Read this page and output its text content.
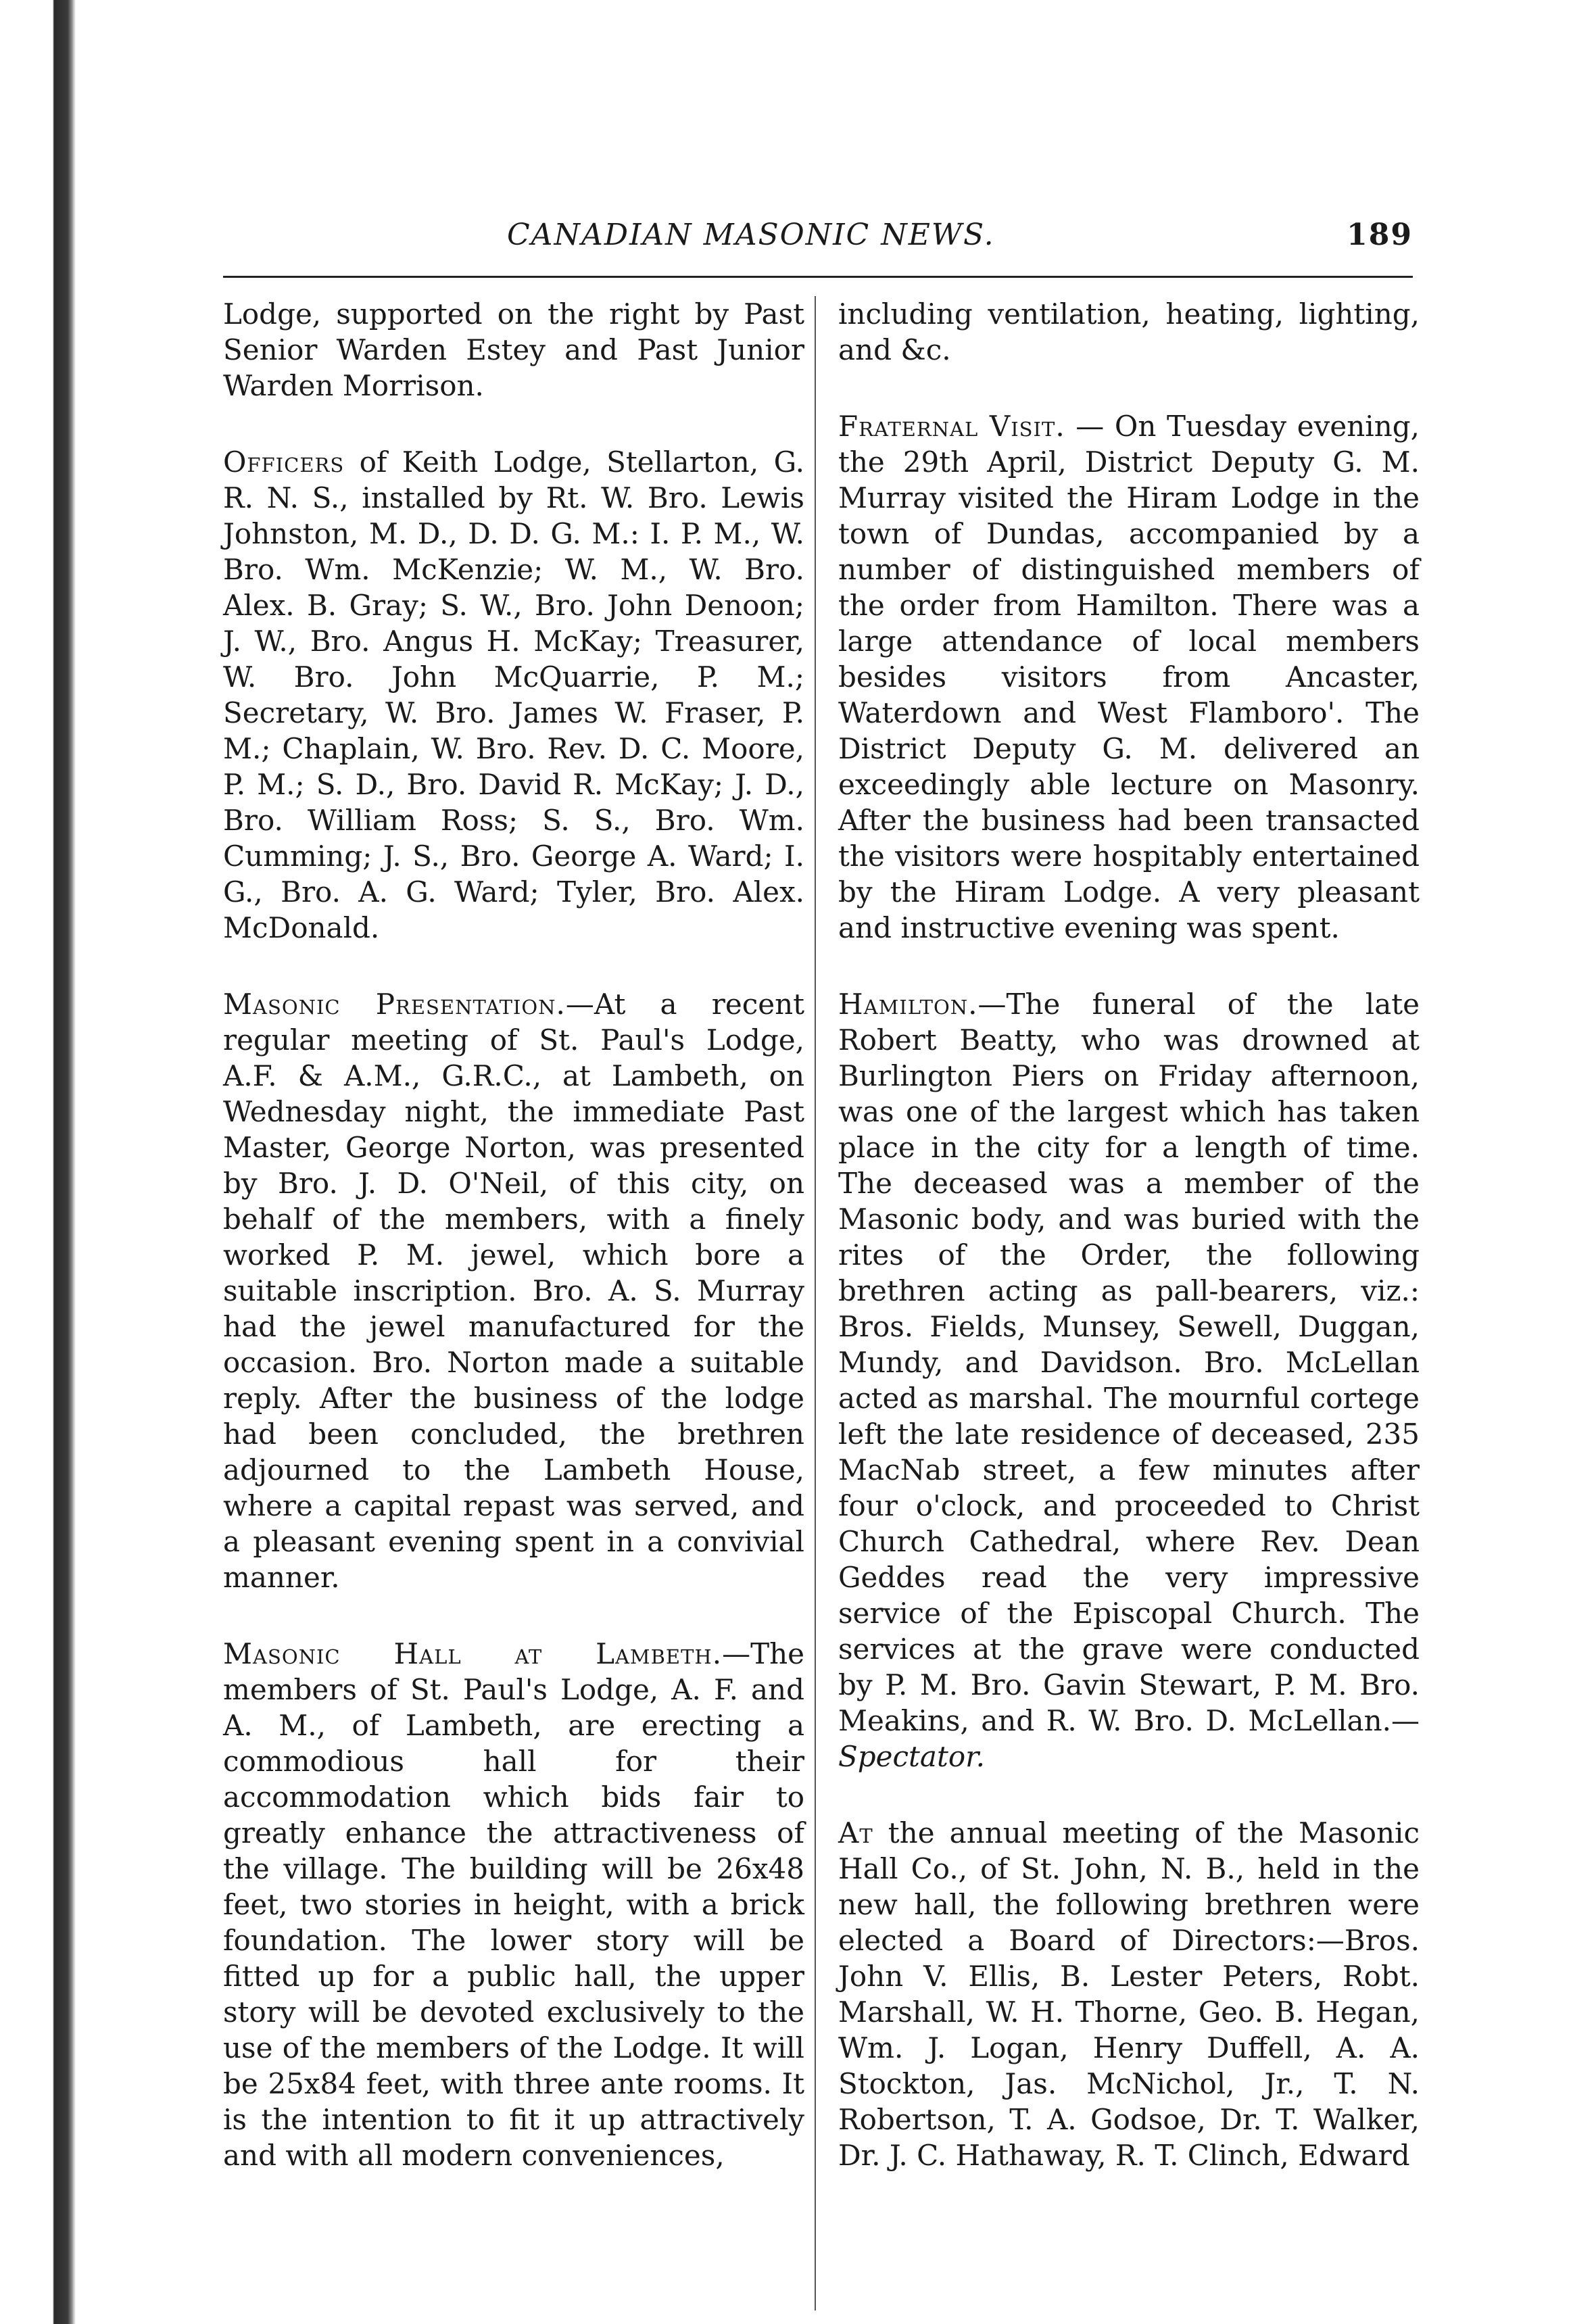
CANADIAN MASONIC NEWS.	189

Lodge, supported on the right by Past Senior Warden Estey and Past Junior Warden Morrison.

Officers of Keith Lodge, Stellarton, G. R. N. S., installed by Rt. W. Bro. Lewis Johnston, M. D., D. D. G. M.: I. P. M., W. Bro. Wm. McKenzie; W. M., W. Bro. Alex. B. Gray; S. W., Bro. John Denoon; J. W., Bro. Angus H. McKay; Treasurer, W. Bro. John McQuarrie, P. M.; Secretary, W. Bro. James W. Fraser, P. M.; Chaplain, W. Bro. Rev. D. C. Moore, P. M.; S. D., Bro. David R. McKay; J. D., Bro. William Ross; S. S., Bro. Wm. Cumming; J. S., Bro. George A. Ward; I. G., Bro. A. G. Ward; Tyler, Bro. Alex. McDonald.

Masonic Presentation.—At a recent regular meeting of St. Paul's Lodge, A.F. & A.M., G.R.C., at Lambeth, on Wednesday night, the immediate Past Master, George Norton, was presented by Bro. J. D. O'Neil, of this city, on behalf of the members, with a finely worked P. M. jewel, which bore a suitable inscription. Bro. A. S. Murray had the jewel manufactured for the occasion. Bro. Norton made a suitable reply. After the business of the lodge had been concluded, the brethren adjourned to the Lambeth House, where a capital repast was served, and a pleasant evening spent in a convivial manner.

Masonic Hall at Lambeth.—The members of St. Paul's Lodge, A. F. and A. M., of Lambeth, are erecting a commodious hall for their accommodation which bids fair to greatly enhance the attractiveness of the village. The building will be 26x48 feet, two stories in height, with a brick foundation. The lower story will be fitted up for a public hall, the upper story will be devoted exclusively to the use of the members of the Lodge. It will be 25x84 feet, with three ante rooms. It is the intention to fit it up attractively and with all modern conveniences,

including ventilation, heating, lighting, and &c.

Fraternal Visit. — On Tuesday evening, the 29th April, District Deputy G. M. Murray visited the Hiram Lodge in the town of Dundas, accompanied by a number of distinguished members of the order from Hamilton. There was a large attendance of local members besides visitors from Ancaster, Waterdown and West Flamboro'. The District Deputy G. M. delivered an exceedingly able lecture on Masonry. After the business had been transacted the visitors were hospitably entertained by the Hiram Lodge. A very pleasant and instructive evening was spent.

Hamilton.—The funeral of the late Robert Beatty, who was drowned at Burlington Piers on Friday afternoon, was one of the largest which has taken place in the city for a length of time. The deceased was a member of the Masonic body, and was buried with the rites of the Order, the following brethren acting as pall-bearers, viz.: Bros. Fields, Munsey, Sewell, Duggan, Mundy, and Davidson. Bro. McLellan acted as marshal. The mournful cortege left the late residence of deceased, 235 MacNab street, a few minutes after four o'clock, and proceeded to Christ Church Cathedral, where Rev. Dean Geddes read the very impressive service of the Episcopal Church. The services at the grave were conducted by P. M. Bro. Gavin Stewart, P. M. Bro. Meakins, and R. W. Bro. D. McLellan.—Spectator.

At the annual meeting of the Masonic Hall Co., of St. John, N. B., held in the new hall, the following brethren were elected a Board of Directors:—Bros. John V. Ellis, B. Lester Peters, Robt. Marshall, W. H. Thorne, Geo. B. Hegan, Wm. J. Logan, Henry Duffell, A. A. Stockton, Jas. McNichol, Jr., T. N. Robertson, T. A. Godsoe, Dr. T. Walker, Dr. J. C. Hathaway, R. T. Clinch, Edward
